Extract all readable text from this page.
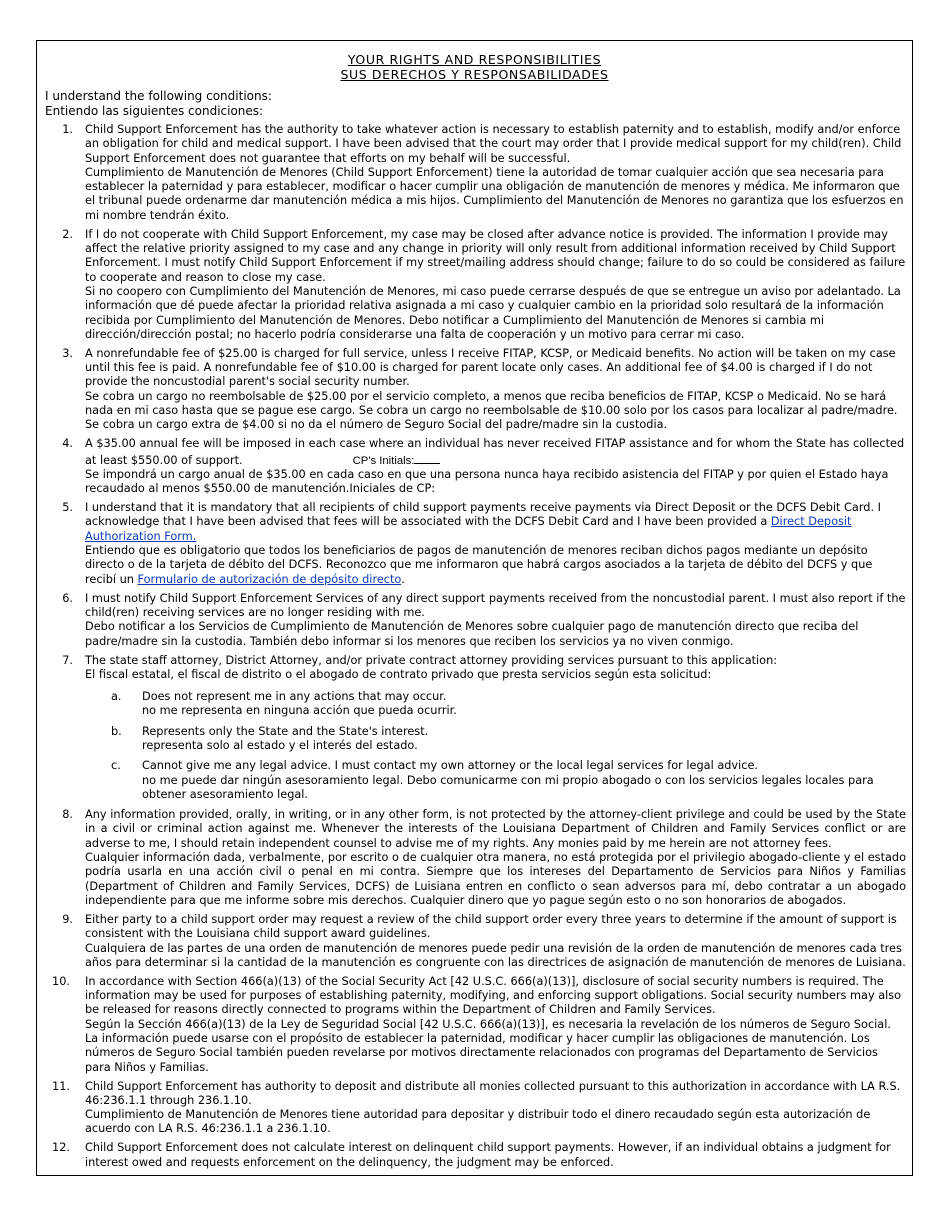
YOUR RIGHTS AND RESPONSIBILITIES
SUS DERECHOS Y RESPONSABILIDADES
I understand the following conditions:
Entiendo las siguientes condiciones:
1. Child Support Enforcement has the authority to take whatever action is necessary to establish paternity and to establish, modify and/or enforce an obligation for child and medical support. I have been advised that the court may order that I provide medical support for my child(ren). Child Support Enforcement does not guarantee that efforts on my behalf will be successful.

Cumplimiento de Manutención de Menores (Child Support Enforcement) tiene la autoridad de tomar cualquier acción que sea necesaria para establecer la paternidad y para establecer, modificar o hacer cumplir una obligación de manutención de menores y médica. Me informaron que el tribunal puede ordenarme dar manutención médica a mis hijos. Cumplimiento del Manutención de Menores no garantiza que los esfuerzos en mi nombre tendrán éxito.

2. If I do not cooperate with Child Support Enforcement, my case may be closed after advance notice is provided. The information I provide may affect the relative priority assigned to my case and any change in priority will only result from additional information received by Child Support Enforcement. I must notify Child Support Enforcement if my street/mailing address should change; failure to do so could be considered as failure to cooperate and reason to close my case.

Si no coopero con Cumplimiento del Manutención de Menores, mi caso puede cerrarse después de que se entregue un aviso por adelantado. La información que dé puede afectar la prioridad relativa asignada a mi caso y cualquier cambio en la prioridad solo resultará de la información recibida por Cumplimiento del Manutención de Menores. Debo notificar a Cumplimiento del Manutención de Menores si cambia mi dirección/dirección postal; no hacerlo podría considerarse una falta de cooperación y un motivo para cerrar mi caso.

3. A nonrefundable fee of $25.00 is charged for full service, unless I receive FITAP, KCSP, or Medicaid benefits. No action will be taken on my case until this fee is paid. A nonrefundable fee of $10.00 is charged for parent locate only cases. An additional fee of $4.00 is charged if I do not provide the noncustodial parent's social security number.

Se cobra un cargo no reembolsable de $25.00 por el servicio completo, a menos que reciba beneficios de FITAP, KCSP o Medicaid. No se hará nada en mi caso hasta que se pague ese cargo. Se cobra un cargo no reembolsable de $10.00 solo por los casos para localizar al padre/madre. Se cobra un cargo extra de $4.00 si no da el número de Seguro Social del padre/madre sin la custodia.

4. A $35.00 annual fee will be imposed in each case where an individual has never received FITAP assistance and for whom the State has collected at least $550.00 of support.	CP's Initials:

Se impondrá un cargo anual de $35.00 en cada caso en que una persona nunca haya recibido asistencia del FITAP y por quien el Estado haya recaudado al menos $550.00 de manutención.Iniciales de CP:

5. I understand that it is mandatory that all recipients of child support payments receive payments via Direct Deposit or the DCFS Debit Card. I acknowledge that I have been advised that fees will be associated with the DCFS Debit Card and I have been provided a Direct Deposit Authorization Form.

Entiendo que es obligatorio que todos los beneficiarios de pagos de manutención de menores reciban dichos pagos mediante un depósito directo o de la tarjeta de débito del DCFS. Reconozco que me informaron que habrá cargos asociados a la tarjeta de débito del DCFS y que recibí un Formulario de autorización de depósito directo.

6. I must notify Child Support Enforcement Services of any direct support payments received from the noncustodial parent. I must also report if the child(ren) receiving services are no longer residing with me.

Debo notificar a los Servicios de Cumplimiento de Manutención de Menores sobre cualquier pago de manutención directo que reciba del padre/madre sin la custodia. También debo informar si los menores que reciben los servicios ya no viven conmigo.

7. The state staff attorney, District Attorney, and/or private contract attorney providing services pursuant to this application:

El fiscal estatal, el fiscal de distrito o el abogado de contrato privado que presta servicios según esta solicitud:

a. Does not represent me in any actions that may occur.

no me representa en ninguna acción que pueda ocurrir.

b. Represents only the State and the State's interest.

representa solo al estado y el interés del estado.

c. Cannot give me any legal advice. I must contact my own attorney or the local legal services for legal advice.

no me puede dar ningún asesoramiento legal. Debo comunicarme con mi propio abogado o con los servicios legales locales para obtener asesoramiento legal.

8. Any information provided, orally, in writing, or in any other form, is not protected by the attorney-client privilege and could be used by the State in a civil or criminal action against me. Whenever the interests of the Louisiana Department of Children and Family Services conflict or are adverse to me, I should retain independent counsel to advise me of my rights. Any monies paid by me herein are not attorney fees.

Cualquier información dada, verbalmente, por escrito o de cualquier otra manera, no está protegida por el privilegio abogado-cliente y el estado podría usarla en una acción civil o penal en mi contra. Siempre que los intereses del Departamento de Servicios para Niños y Familias (Department of Children and Family Services, DCFS) de Luisiana entren en conflicto o sean adversos para mí, debo contratar a un abogado independiente para que me informe sobre mis derechos. Cualquier dinero que yo pague según esto o no son honorarios de abogados.

9. Either party to a child support order may request a review of the child support order every three years to determine if the amount of support is consistent with the Louisiana child support award guidelines.

Cualquiera de las partes de una orden de manutención de menores puede pedir una revisión de la orden de manutención de menores cada tres años para determinar si la cantidad de la manutención es congruente con las directrices de asignación de manutención de menores de Luisiana.

10. In accordance with Section 466(a)(13) of the Social Security Act [42 U.S.C. 666(a)(13)], disclosure of social security numbers is required. The information may be used for purposes of establishing paternity, modifying, and enforcing support obligations. Social security numbers may also be released for reasons directly connected to programs within the Department of Children and Family Services.

Según la Sección 466(a)(13) de la Ley de Seguridad Social [42 U.S.C. 666(a)(13)], es necesaria la revelación de los números de Seguro Social. La información puede usarse con el propósito de establecer la paternidad, modificar y hacer cumplir las obligaciones de manutención. Los números de Seguro Social también pueden revelarse por motivos directamente relacionados con programas del Departamento de Servicios para Niños y Familias.

11. Child Support Enforcement has authority to deposit and distribute all monies collected pursuant to this authorization in accordance with LA R.S. 46:236.1.1 through 236.1.10.

Cumplimiento de Manutención de Menores tiene autoridad para depositar y distribuir todo el dinero recaudado según esta autorización de acuerdo con LA R.S. 46:236.1.1 a 236.1.10.

12. Child Support Enforcement does not calculate interest on delinquent child support payments. However, if an individual obtains a judgment for interest owed and requests enforcement on the delinquency, the judgment may be enforced.
